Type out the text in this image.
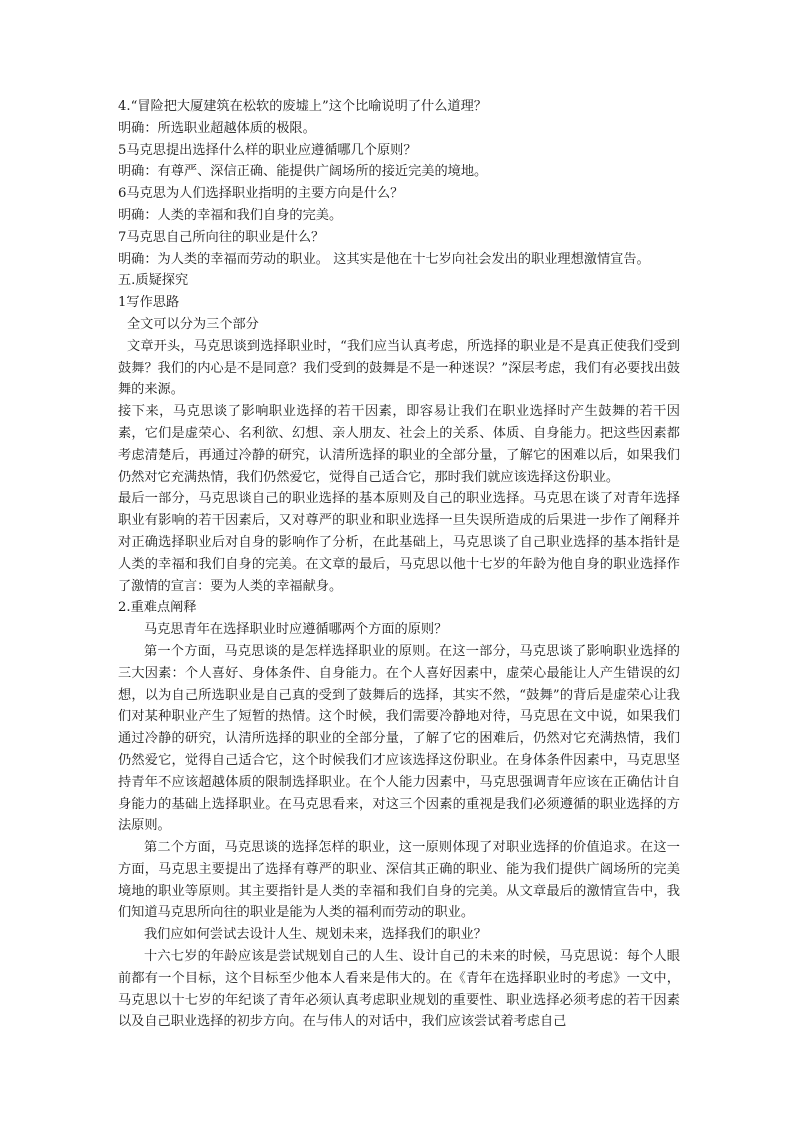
4.“冒险把大厦建筑在松软的废墟上”这个比喻说明了什么道理？
明确：所选职业超越体质的极限。
5马克思提出选择什么样的职业应遵循哪几个原则？
明确：有尊严、深信正确、能提供广阔场所的接近完美的境地。
6马克思为人们选择职业指明的主要方向是什么？
明确：人类的幸福和我们自身的完美。
7马克思自己所向往的职业是什么？
明确：为人类的幸福而劳动的职业。 这其实是他在十七岁向社会发出的职业理想激情宣告。
五.质疑探究
1写作思路
全文可以分为三个部分

文章开头，马克思谈到选择职业时，“我们应当认真考虑，所选择的职业是不是真正使我们受到鼓舞？我们的内心是不是同意？我们受到的鼓舞是不是一种迷误？”深层考虑，我们有必要找出鼓舞的来源。

接下来，马克思谈了影响职业选择的若干因素，即容易让我们在职业选择时产生鼓舞的若干因素，它们是虚荣心、名利欲、幻想、亲人朋友、社会上的关系、体质、自身能力。把这些因素都考虑清楚后，再通过冷静的研究，认清所选择的职业的全部分量，了解它的困难以后，如果我们仍然对它充满热情，我们仍然爱它，觉得自己适合它，那时我们就应该选择这份职业。

最后一部分，马克思谈自己的职业选择的基本原则及自己的职业选择。马克思在谈了对青年选择职业有影响的若干因素后，又对尊严的职业和职业选择一旦失误所造成的后果进一步作了阐释并对正确选择职业后对自身的影响作了分析，在此基础上，马克思谈了自己职业选择的基本指针是人类的幸福和我们自身的完美。在文章的最后，马克思以他十七岁的年龄为他自身的职业选择作了激情的宣言：要为人类的幸福献身。

2.重难点阐释

马克思青年在选择职业时应遵循哪两个方面的原则？

第一个方面，马克思谈的是怎样选择职业的原则。在这一部分，马克思谈了影响职业选择的三大因素：个人喜好、身体条件、自身能力。在个人喜好因素中，虚荣心最能让人产生错误的幻想，以为自己所选职业是自己真的受到了鼓舞后的选择，其实不然，“鼓舞”的背后是虚荣心让我们对某种职业产生了短暂的热情。这个时候，我们需要冷静地对待，马克思在文中说，如果我们通过冷静的研究，认清所选择的职业的全部分量，了解了它的困难后，仍然对它充满热情，我们仍然爱它，觉得自己适合它，这个时候我们才应该选择这份职业。在身体条件因素中，马克思坚持青年不应该超越体质的限制选择职业。在个人能力因素中，马克思强调青年应该在正确估计自身能力的基础上选择职业。在马克思看来，对这三个因素的重视是我们必须遵循的职业选择的方法原则。

第二个方面，马克思谈的选择怎样的职业，这一原则体现了对职业选择的价值追求。在这一方面，马克思主要提出了选择有尊严的职业、深信其正确的职业、能为我们提供广阔场所的完美境地的职业等原则。其主要指针是人类的幸福和我们自身的完美。从文章最后的激情宣告中，我们知道马克思所向往的职业是能为人类的福利而劳动的职业。

我们应如何尝试去设计人生、规划未来，选择我们的职业？

十六七岁的年龄应该是尝试规划自己的人生、设计自己的未来的时候，马克思说：每个人眼前都有一个目标，这个目标至少他本人看来是伟大的。在《青年在选择职业时的考虑》一文中，马克思以十七岁的年纪谈了青年必须认真考虑职业规划的重要性、职业选择必须考虑的若干因素以及自己职业选择的初步方向。在与伟人的对话中，我们应该尝试着考虑自己
